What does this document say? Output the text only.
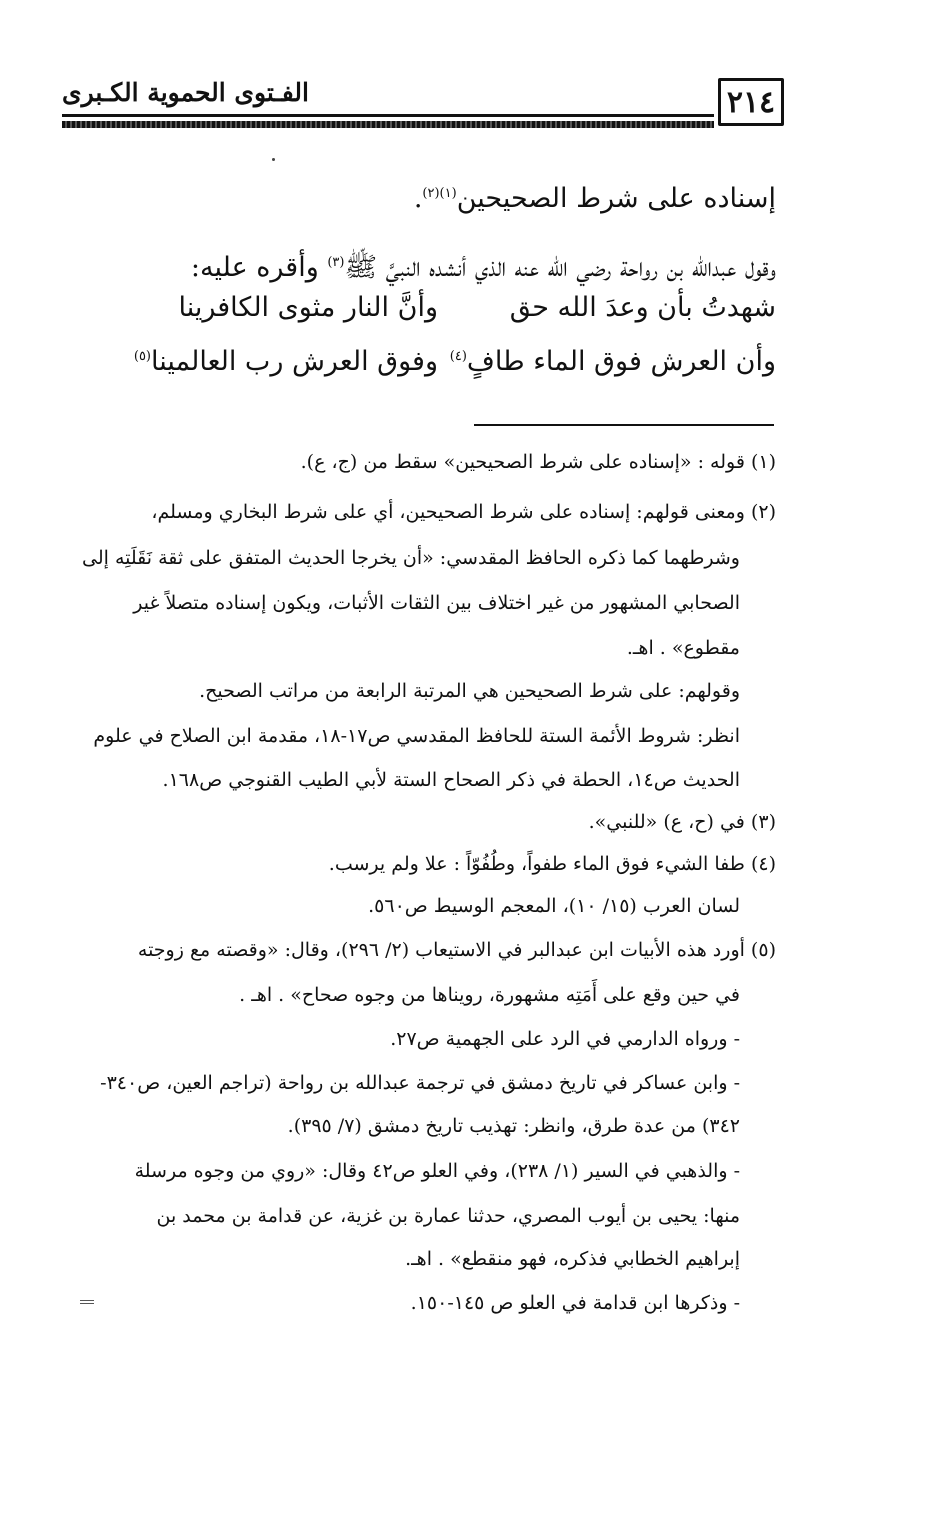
٢١٤
الفـتوى الحموية الكـبرى

إسناده على شرط الصحيحين$^{(١)(٢)}$.

وقول عبدالله بن رواحة رضي الله عنه الذي أنشده النبيَّ ﷺ$^{(٣)}$ وأقره عليه:

شهدتُ بأن وعدَ الله حق
وأنَّ النار مثوى الكافرينا
وأن العرش فوق الماء طافٍ$^{(٤)}$
وفوق العرش رب العالمينا$^{(٥)}$
(١) قوله : «إسناده على شرط الصحيحين» سقط من (ج، ع).
(٢) ومعنى قولهم: إسناده على شرط الصحيحين، أي على شرط البخاري ومسلم،
وشرطهما كما ذكره الحافظ المقدسي: «أن يخرجا الحديث المتفق على ثقة نَقَلَتِه إلى
الصحابي المشهور من غير اختلاف بين الثقات الأثبات، ويكون إسناده متصلاً غير
مقطوع» . اهـ.
وقولهم: على شرط الصحيحين هي المرتبة الرابعة من مراتب الصحيح.
انظر: شروط الأئمة الستة للحافظ المقدسي ص١٧-١٨، مقدمة ابن الصلاح في علوم
الحديث ص١٤، الحطة في ذكر الصحاح الستة لأبي الطيب القنوجي ص١٦٨.
(٣) في (ح، ع) «للنبي».
(٤) طفا الشيء فوق الماء طفواً، وطُفُوّاً : علا ولم يرسب.
لسان العرب (١٥/ ١٠)، المعجم الوسيط ص٥٦٠.
(٥) أورد هذه الأبيات ابن عبدالبر في الاستيعاب (٢/ ٢٩٦)، وقال: «وقصته مع زوجته
في حين وقع على أَمَتِه مشهورة، رويناها من وجوه صحاح» . اهـ .
- ورواه الدارمي في الرد على الجهمية ص٢٧.
- وابن عساكر في تاريخ دمشق في ترجمة عبدالله بن رواحة (تراجم العين، ص٣٤٠-
٣٤٢) من عدة طرق، وانظر: تهذيب تاريخ دمشق (٧/ ٣٩٥).
- والذهبي في السير (١/ ٢٣٨)، وفي العلو ص٤٢ وقال: «روي من وجوه مرسلة
منها: يحيى بن أيوب المصري، حدثنا عمارة بن غزية، عن قدامة بن محمد بن
إبراهيم الخطابي فذكره، فهو منقطع» . اهـ.
- وذكرها ابن قدامة في العلو ص ١٤٥-١٥٠.
